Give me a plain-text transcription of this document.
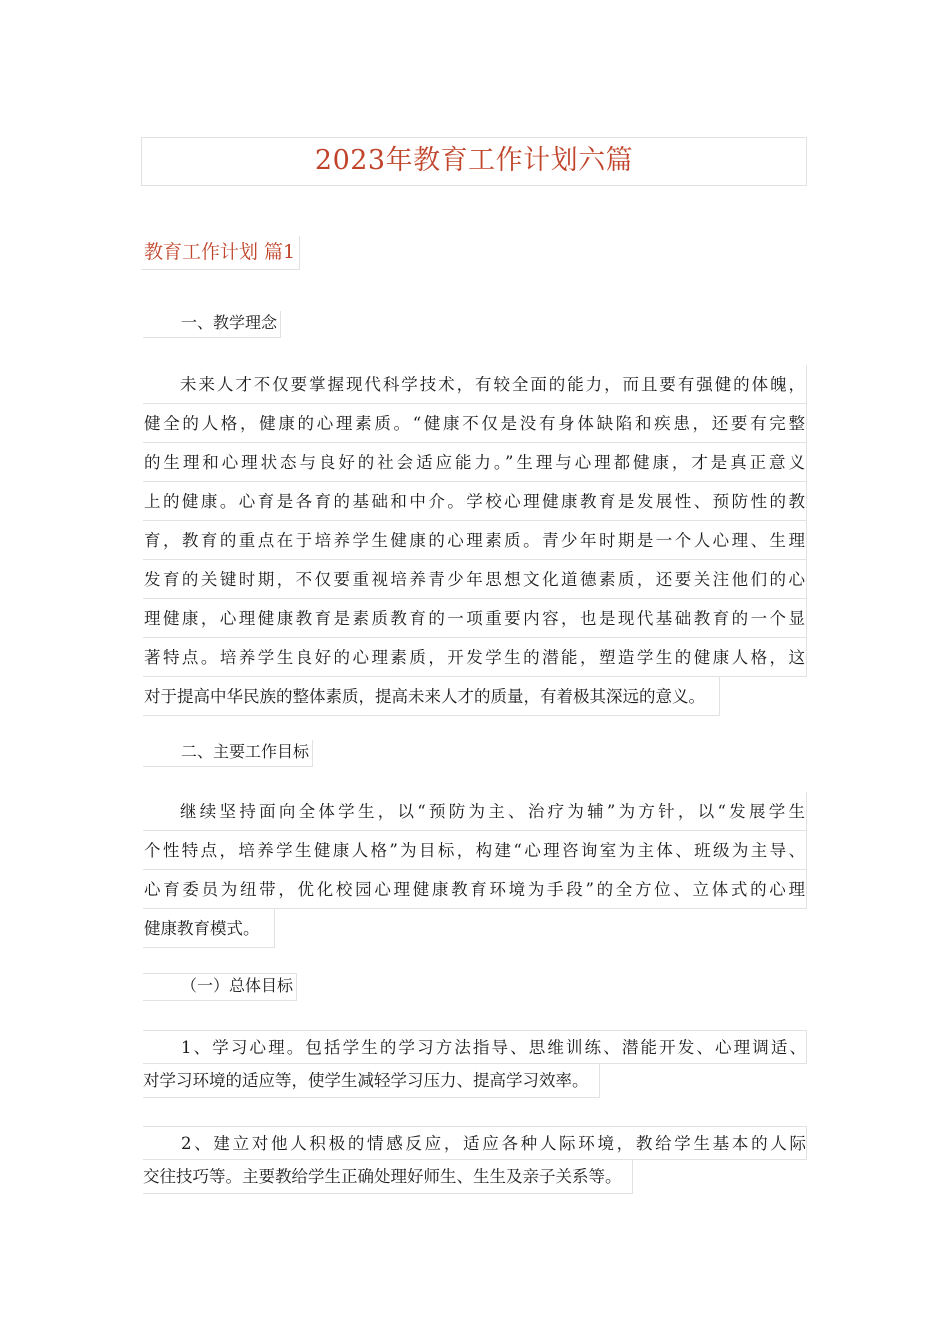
2023年教育工作计划六篇
教育工作计划 篇1
一、教学理念
未来人才不仅要掌握现代科学技术，有较全面的能力，而且要有强健的体魄，
健全的人格，健康的心理素质。“健康不仅是没有身体缺陷和疾患，还要有完整
的生理和心理状态与良好的社会适应能力。”生理与心理都健康，才是真正意义
上的健康。心育是各育的基础和中介。学校心理健康教育是发展性、预防性的教
育，教育的重点在于培养学生健康的心理素质。青少年时期是一个人心理、生理
发育的关键时期，不仅要重视培养青少年思想文化道德素质，还要关注他们的心
理健康，心理健康教育是素质教育的一项重要内容，也是现代基础教育的一个显
著特点。培养学生良好的心理素质，开发学生的潜能，塑造学生的健康人格，这
对于提高中华民族的整体素质，提高未来人才的质量，有着极其深远的意义。
二、主要工作目标
继续坚持面向全体学生，以“预防为主、治疗为辅”为方针，以“发展学生
个性特点，培养学生健康人格”为目标，构建“心理咨询室为主体、班级为主导、
心育委员为纽带，优化校园心理健康教育环境为手段”的全方位、立体式的心理
健康教育模式。
（一）总体目标
1、学习心理。包括学生的学习方法指导、思维训练、潜能开发、心理调适、
对学习环境的适应等，使学生减轻学习压力、提高学习效率。
2、建立对他人积极的情感反应，适应各种人际环境，教给学生基本的人际
交往技巧等。主要教给学生正确处理好师生、生生及亲子关系等。
